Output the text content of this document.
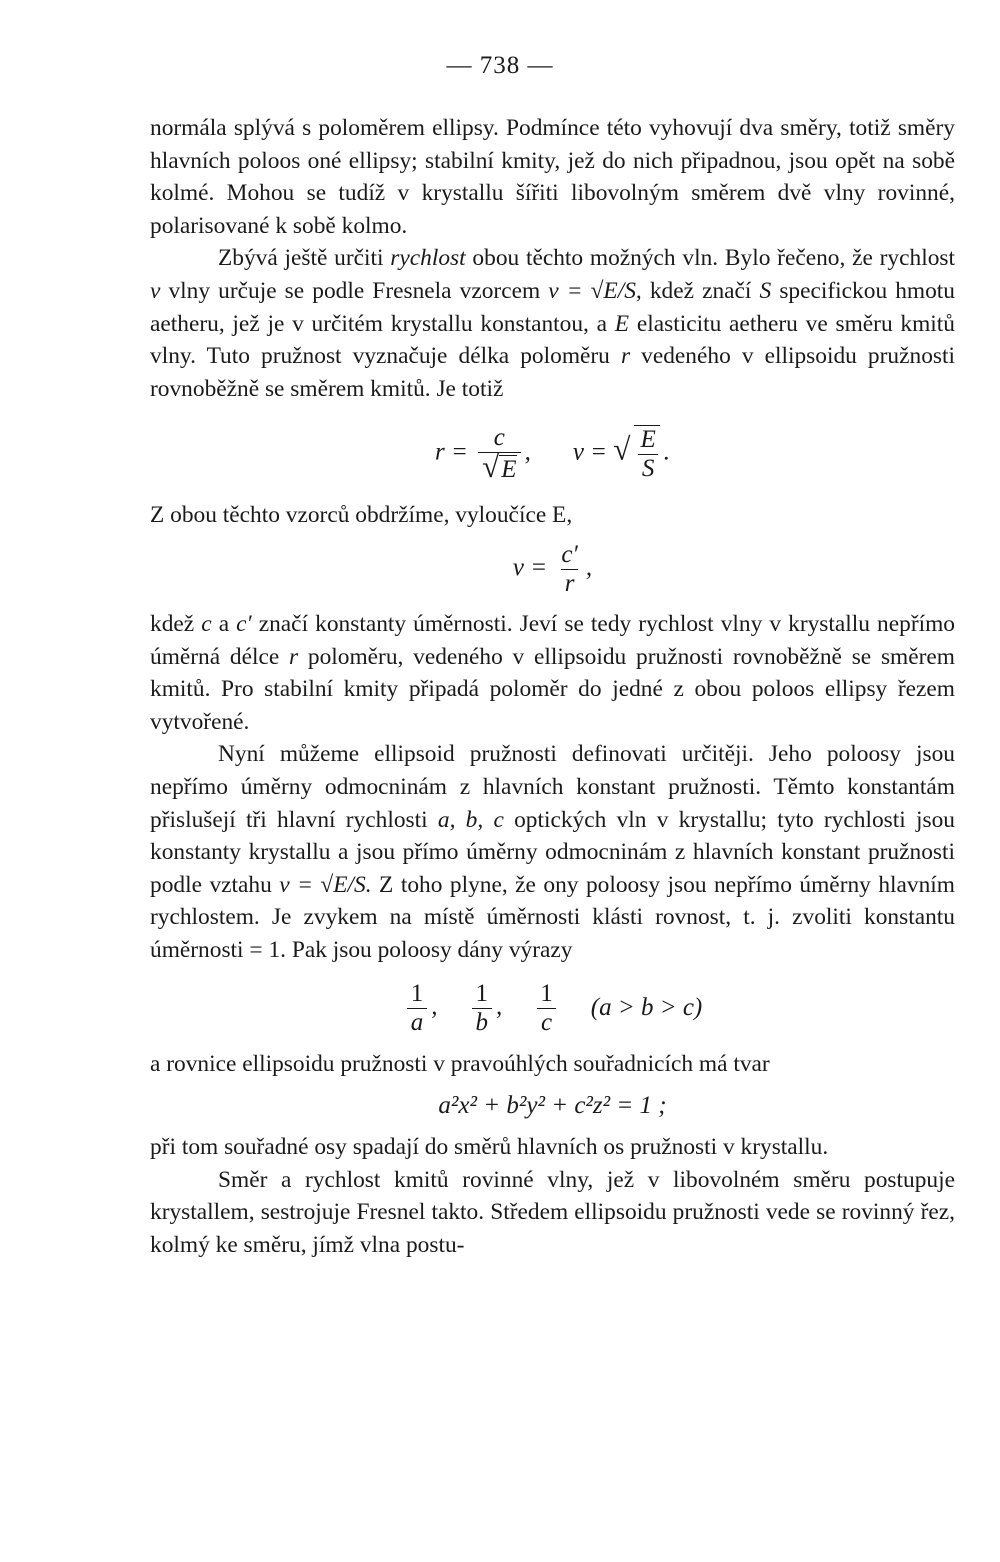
— 738 —

normála splývá s poloměrem ellipsy. Podmínce této vyhovují dva směry, totiž směry hlavních poloos oné ellipsy; stabilní kmity, jež do nich připadnou, jsou opět na sobě kolmé. Mohou se tudíž v krystallu šířiti libovolným směrem dvě vlny rovinné, polarisované k sobě kolmo.

Zbývá ještě určiti rychlost obou těchto možných vln. Bylo řečeno, že rychlost v vlny určuje se podle Fresnela vzorcem v = √E/S, kdež značí S specifickou hmotu aetheru, jež je v určitém krystallu konstantou, a E elasticitu aetheru ve směru kmitů vlny. Tuto pružnost vyznačuje délka poloměru r vedeného v ellipsoidu pružnosti rovnoběžně se směrem kmitů. Je totiž

$r = \frac{c}{√E}$ , v = √ $\frac{E}{S}$ .

Z obou těchto vzorců obdržíme, vyloučíce E,

$v = \frac{c'}{r}$ ,

kdež c a c′ značí konstanty úměrnosti. Jeví se tedy rychlost vlny v krystallu nepřímo úměrná délce r poloměru, vedeného v ellipsoidu pružnosti rovnoběžně se směrem kmitů. Pro stabilní kmity připadá poloměr do jedné z obou poloos ellipsy řezem vytvořené.

Nyní můžeme ellipsoid pružnosti definovati určitěji. Jeho poloosy jsou nepřímo úměrny odmocninám z hlavních konstant pružnosti. Těmto konstantám přislušejí tři hlavní rychlosti a, b, c optických vln v krystallu; tyto rychlosti jsou konstanty krystallu a jsou přímo úměrny odmocninám z hlavních konstant pružnosti podle vztahu v = √E/S. Z toho plyne, že ony poloosy jsou nepřímo úměrny hlavním rychlostem. Je zvykem na místě úměrnosti klásti rovnost, t. j. zvoliti konstantu úměrnosti = 1. Pak jsou poloosy dány výrazy

$\frac{1}{a}$ , $\frac{1}{b}$ , $\frac{1}{c} (a > b > c)$

a rovnice ellipsoidu pružnosti v pravoúhlých souřadnicích má tvar

a²x² + b²y² + c²z² = 1 ;

při tom souřadné osy spadají do směrů hlavních os pružnosti v krystallu.

Směr a rychlost kmitů rovinné vlny, jež v libovolném směru postupuje krystallem, sestrojuje Fresnel takto. Středem ellipsoidu pružnosti vede se rovinný řez, kolmý ke směru, jímž vlna postu-
